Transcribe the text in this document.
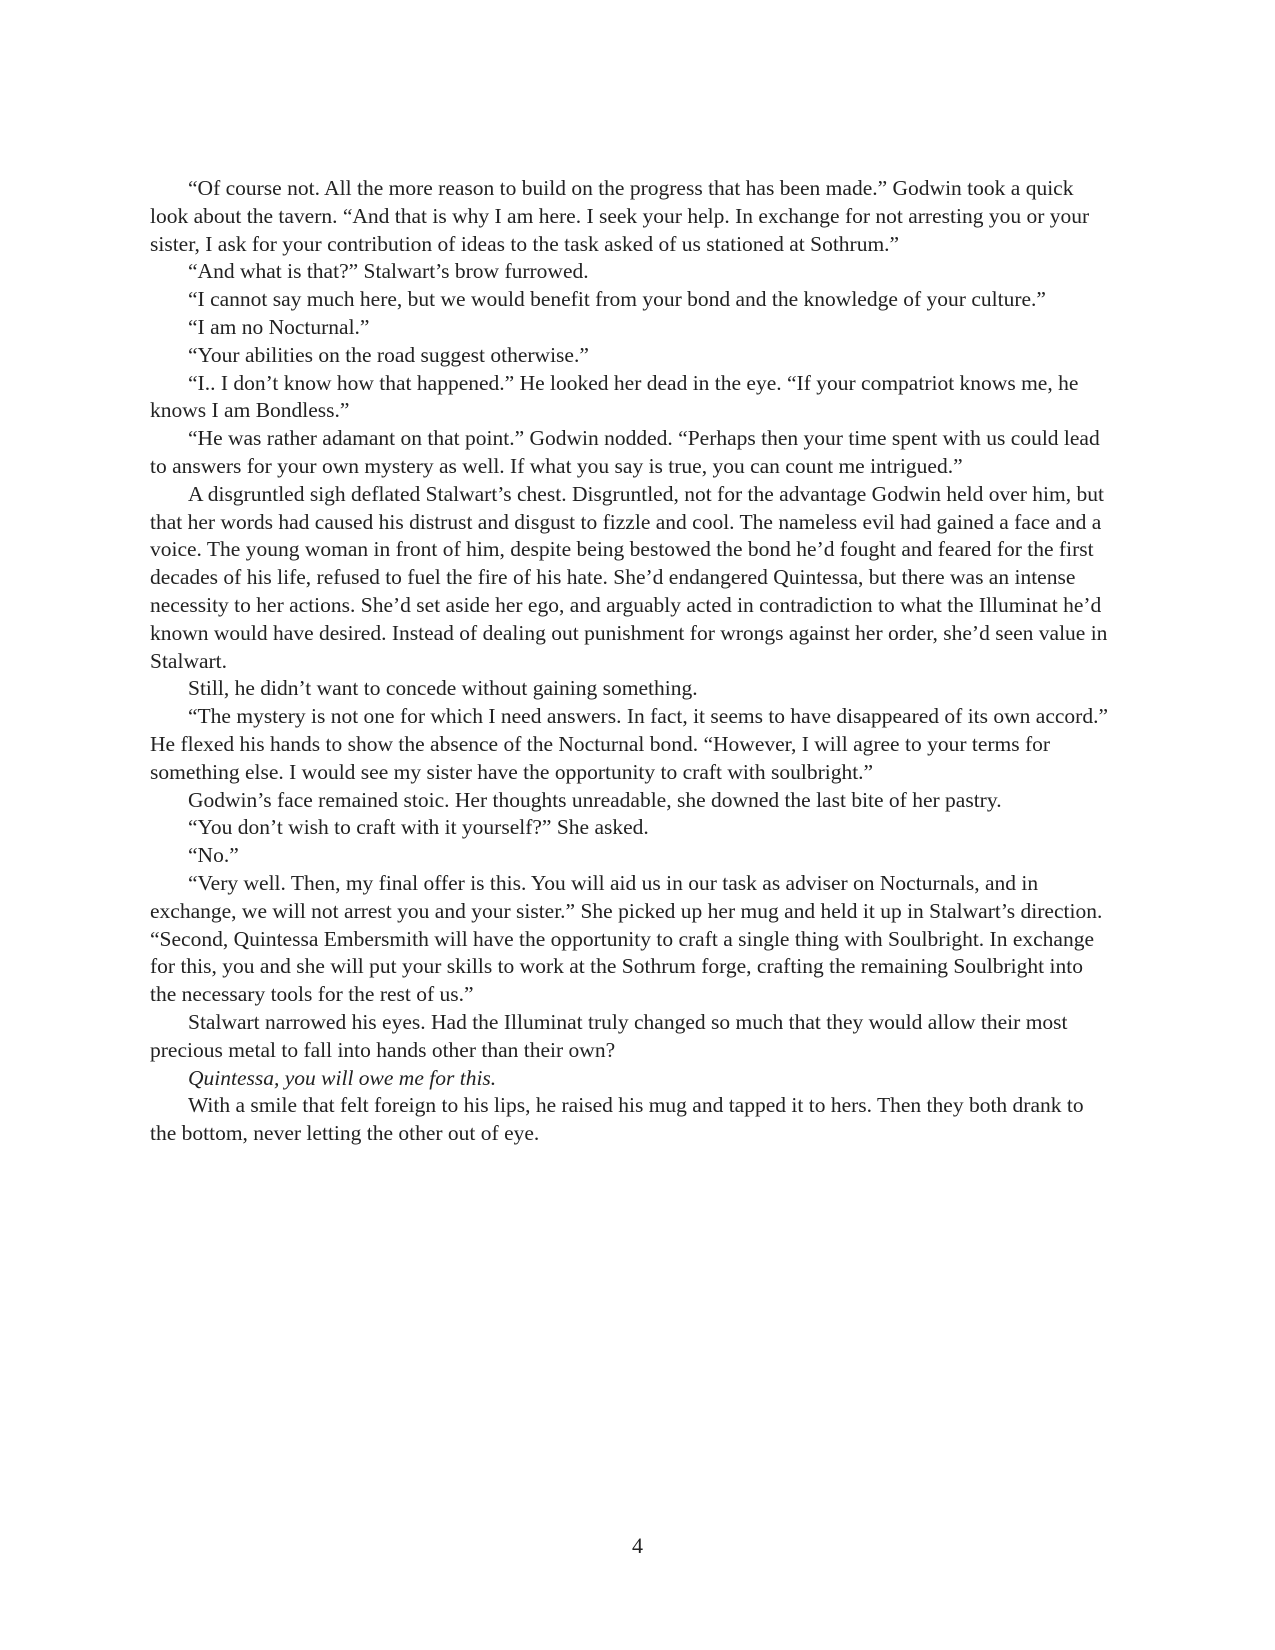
“Of course not. All the more reason to build on the progress that has been made.” Godwin took a quick look about the tavern. “And that is why I am here. I seek your help. In exchange for not arresting you or your sister, I ask for your contribution of ideas to the task asked of us stationed at Sothrum.”

“And what is that?” Stalwart’s brow furrowed.

“I cannot say much here, but we would benefit from your bond and the knowledge of your culture.”

“I am no Nocturnal.”

“Your abilities on the road suggest otherwise.”

“I.. I don’t know how that happened.” He looked her dead in the eye. “If your compatriot knows me, he knows I am Bondless.”

“He was rather adamant on that point.” Godwin nodded. “Perhaps then your time spent with us could lead to answers for your own mystery as well. If what you say is true, you can count me intrigued.”

A disgruntled sigh deflated Stalwart’s chest. Disgruntled, not for the advantage Godwin held over him, but that her words had caused his distrust and disgust to fizzle and cool. The nameless evil had gained a face and a voice. The young woman in front of him, despite being bestowed the bond he’d fought and feared for the first decades of his life, refused to fuel the fire of his hate. She’d endangered Quintessa, but there was an intense necessity to her actions. She’d set aside her ego, and arguably acted in contradiction to what the Illuminat he’d known would have desired. Instead of dealing out punishment for wrongs against her order, she’d seen value in Stalwart.

Still, he didn’t want to concede without gaining something.

“The mystery is not one for which I need answers. In fact, it seems to have disappeared of its own accord.” He flexed his hands to show the absence of the Nocturnal bond. “However, I will agree to your terms for something else. I would see my sister have the opportunity to craft with soulbright.”

Godwin’s face remained stoic. Her thoughts unreadable, she downed the last bite of her pastry.

“You don’t wish to craft with it yourself?” She asked.

“No.”

“Very well. Then, my final offer is this. You will aid us in our task as adviser on Nocturnals, and in exchange, we will not arrest you and your sister.” She picked up her mug and held it up in Stalwart’s direction. “Second, Quintessa Embersmith will have the opportunity to craft a single thing with Soulbright. In exchange for this, you and she will put your skills to work at the Sothrum forge, crafting the remaining Soulbright into the necessary tools for the rest of us.”

Stalwart narrowed his eyes. Had the Illuminat truly changed so much that they would allow their most precious metal to fall into hands other than their own?

Quintessa, you will owe me for this.

With a smile that felt foreign to his lips, he raised his mug and tapped it to hers. Then they both drank to the bottom, never letting the other out of eye.

4
